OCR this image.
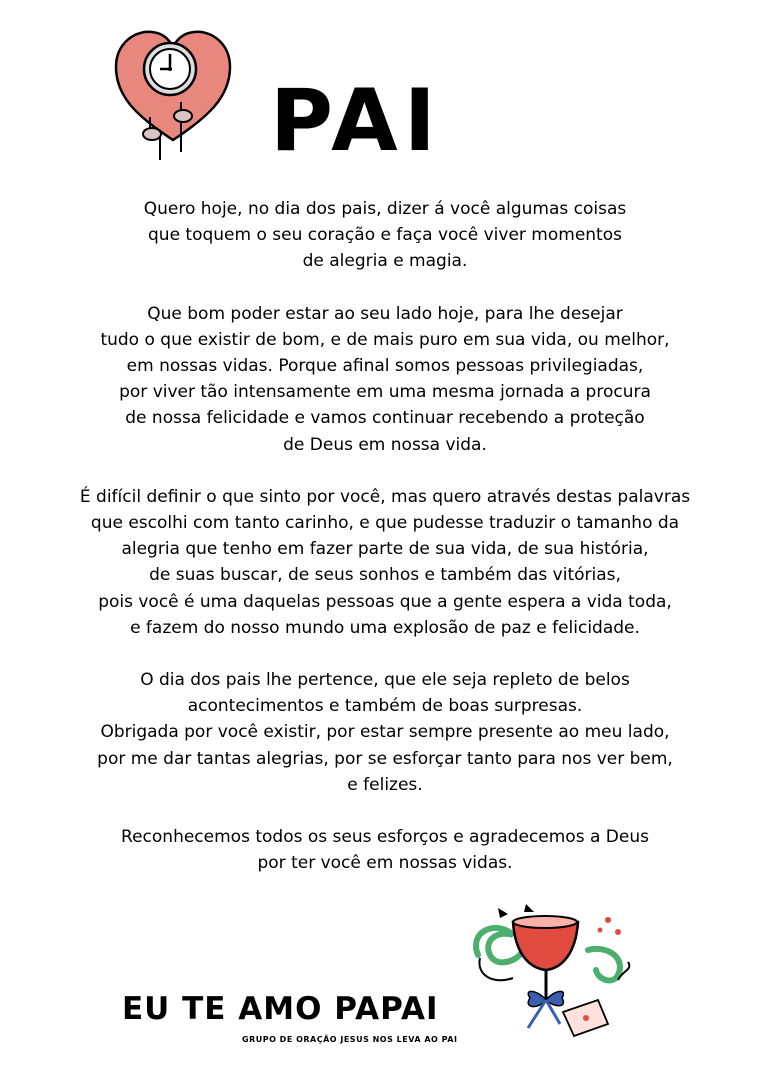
PAI
Quero hoje, no dia dos pais, dizer á você algumas coisas
que toquem o seu coração e faça você viver momentos
de alegria e magia.
Que bom poder estar ao seu lado hoje, para lhe desejar
tudo o que existir de bom, e de mais puro em sua vida, ou melhor,
em nossas vidas. Porque afinal somos pessoas privilegiadas,
por viver tão intensamente em uma mesma jornada a procura
de nossa felicidade e vamos continuar recebendo a proteção
de Deus em nossa vida.
É difícil definir o que sinto por você, mas quero através destas palavras
que escolhi com tanto carinho, e que pudesse traduzir o tamanho da
alegria que tenho em fazer parte de sua vida, de sua história,
de suas buscar, de seus sonhos e também das vitórias,
pois você é uma daquelas pessoas que a gente espera a vida toda,
e fazem do nosso mundo uma explosão de paz e felicidade.
O dia dos pais lhe pertence, que ele seja repleto de belos
acontecimentos e também de boas surpresas.
Obrigada por você existir, por estar sempre presente ao meu lado,
por me dar tantas alegrias, por se esforçar tanto para nos ver bem,
e felizes.
Reconhecemos todos os seus esforços e agradecemos a Deus
por ter você em nossas vidas.
EU TE AMO PAPAI
GRUPO DE ORAÇÃO JESUS NOS LEVA AO PAI
